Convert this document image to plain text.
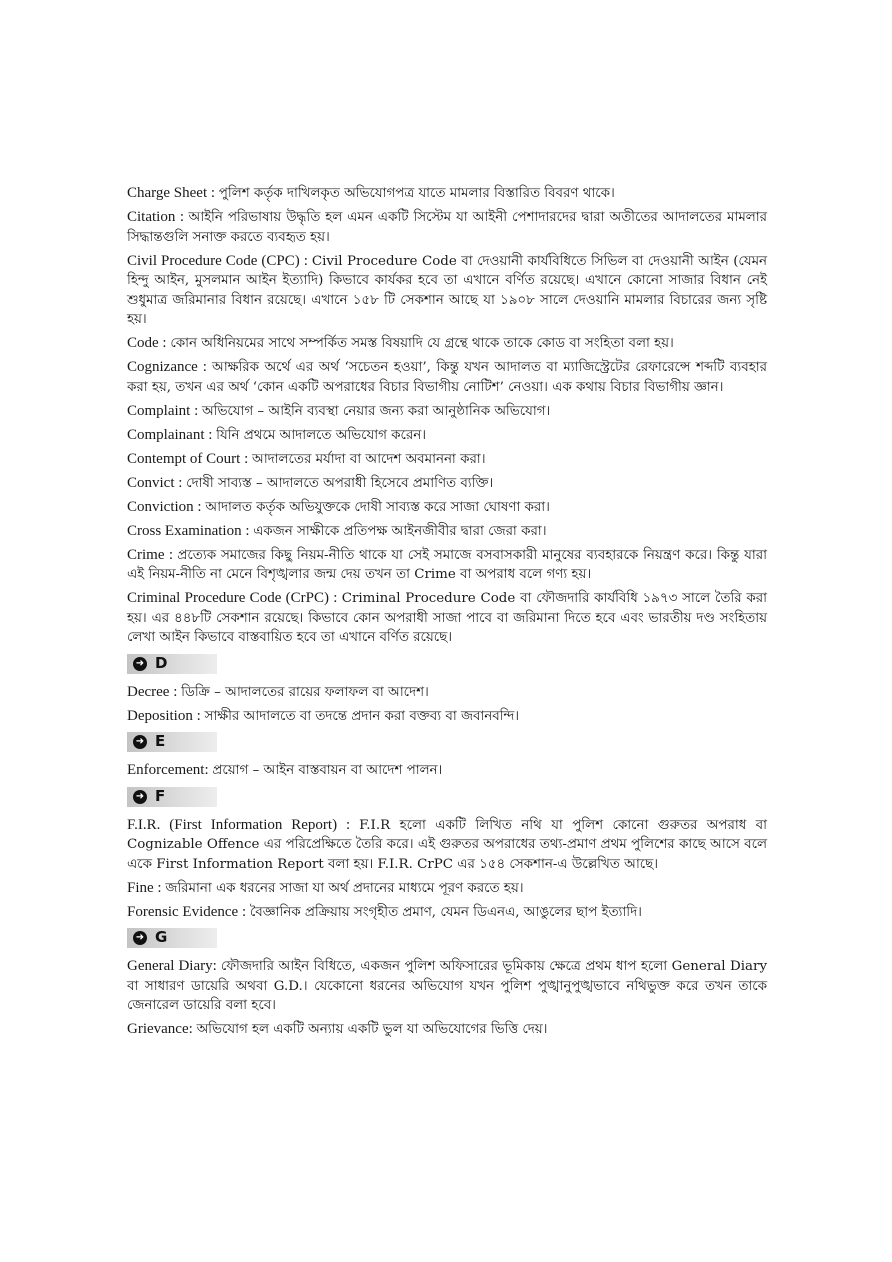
Charge Sheet : পুলিশ কর্তৃক দাখিলকৃত অভিযোগপত্র যাতে মামলার বিস্তারিত বিবরণ থাকে।

Citation : আইনি পরিভাষায় উদ্ধৃতি হল এমন একটি সিস্টেম যা আইনী পেশাদারদের দ্বারা অতীতের আদালতের মামলার সিদ্ধান্তগুলি সনাক্ত করতে ব্যবহৃত হয়।

Civil Procedure Code (CPC) : Civil Procedure Code বা দেওয়ানী কার্যবিধিতে সিভিল বা দেওয়ানী আইন (যেমন হিন্দু আইন, মুসলমান আইন ইত্যাদি) কিভাবে কার্যকর হবে তা এখানে বর্ণিত রয়েছে। এখানে কোনো সাজার বিধান নেই শুধুমাত্র জরিমানার বিধান রয়েছে। এখানে ১৫৮ টি সেকশান আছে যা ১৯০৮ সালে দেওয়ানি মামলার বিচারের জন্য সৃষ্টি হয়।

Code : কোন অধিনিয়মের সাথে সম্পর্কিত সমস্ত বিষয়াদি যে গ্রন্থে থাকে তাকে কোড বা সংহিতা বলা হয়।

Cognizance : আক্ষরিক অর্থে এর অর্থ ‘সচেতন হওয়া’, কিন্তু যখন আদালত বা ম্যাজিস্ট্রেটের রেফারেন্সে শব্দটি ব্যবহার করা হয়, তখন এর অর্থ ‘কোন একটি অপরাধের বিচার বিভাগীয় নোটিশ’ নেওয়া। এক কথায় বিচার বিভাগীয় জ্ঞান।

Complaint : অভিযোগ – আইনি ব্যবস্থা নেয়ার জন্য করা আনুষ্ঠানিক অভিযোগ।

Complainant : যিনি প্রথমে আদালতে অভিযোগ করেন।

Contempt of Court : আদালতের মর্যাদা বা আদেশ অবমাননা করা।

Convict : দোষী সাব্যস্ত – আদালতে অপরাধী হিসেবে প্রমাণিত ব্যক্তি।

Conviction : আদালত কর্তৃক অভিযুক্তকে দোষী সাব্যস্ত করে সাজা ঘোষণা করা।

Cross Examination : একজন সাক্ষীকে প্রতিপক্ষ আইনজীবীর দ্বারা জেরা করা।

Crime : প্রত্যেক সমাজের কিছু নিয়ম-নীতি থাকে যা সেই সমাজে বসবাসকারী মানুষের ব্যবহারকে নিয়ন্ত্রণ করে। কিন্তু যারা এই নিয়ম-নীতি না মেনে বিশৃঙ্খলার জন্ম দেয় তখন তা Crime বা অপরাধ বলে গণ্য হয়।

Criminal Procedure Code (CrPC) : Criminal Procedure Code বা ফৌজদারি কার্যবিধি ১৯৭৩ সালে তৈরি করা হয়। এর ৪৪৮টি সেকশান রয়েছে। কিভাবে কোন অপরাধী সাজা পাবে বা জরিমানা দিতে হবে এবং ভারতীয় দণ্ড সংহিতায় লেখা আইন কিভাবে বাস্তবায়িত হবে তা এখানে বর্ণিত রয়েছে।

➜ D

Decree : ডিক্রি – আদালতের রায়ের ফলাফল বা আদেশ।

Deposition : সাক্ষীর আদালতে বা তদন্তে প্রদান করা বক্তব্য বা জবানবন্দি।

➜ E

Enforcement: প্রয়োগ – আইন বাস্তবায়ন বা আদেশ পালন।

➜ F

F.I.R. (First Information Report) : F.I.R হলো একটি লিখিত নথি যা পুলিশ কোনো গুরুতর অপরাধ বা Cognizable Offence এর পরিপ্রেক্ষিতে তৈরি করে। এই গুরুতর অপরাধের তথ্য-প্রমাণ প্রথম পুলিশের কাছে আসে বলে একে First Information Report বলা হয়। F.I.R. CrPC এর ১৫৪ সেকশান-এ উল্লেখিত আছে।

Fine : জরিমানা এক ধরনের সাজা যা অর্থ প্রদানের মাধ্যমে পূরণ করতে হয়।

Forensic Evidence : বৈজ্ঞানিক প্রক্রিয়ায় সংগৃহীত প্রমাণ, যেমন ডিএনএ, আঙুলের ছাপ ইত্যাদি।

➜ G

General Diary: ফৌজদারি আইন বিধিতে, একজন পুলিশ অফিসারের ভূমিকায় ক্ষেত্রে প্রথম ধাপ হলো General Diary বা সাধারণ ডায়েরি অথবা G.D.। যেকোনো ধরনের অভিযোগ যখন পুলিশ পুঙ্খানুপুঙ্খভাবে নথিভুক্ত করে তখন তাকে জেনারেল ডায়েরি বলা হবে।

Grievance: অভিযোগ হল একটি অন্যায় একটি ভুল যা অভিযোগের ভিত্তি দেয়।
